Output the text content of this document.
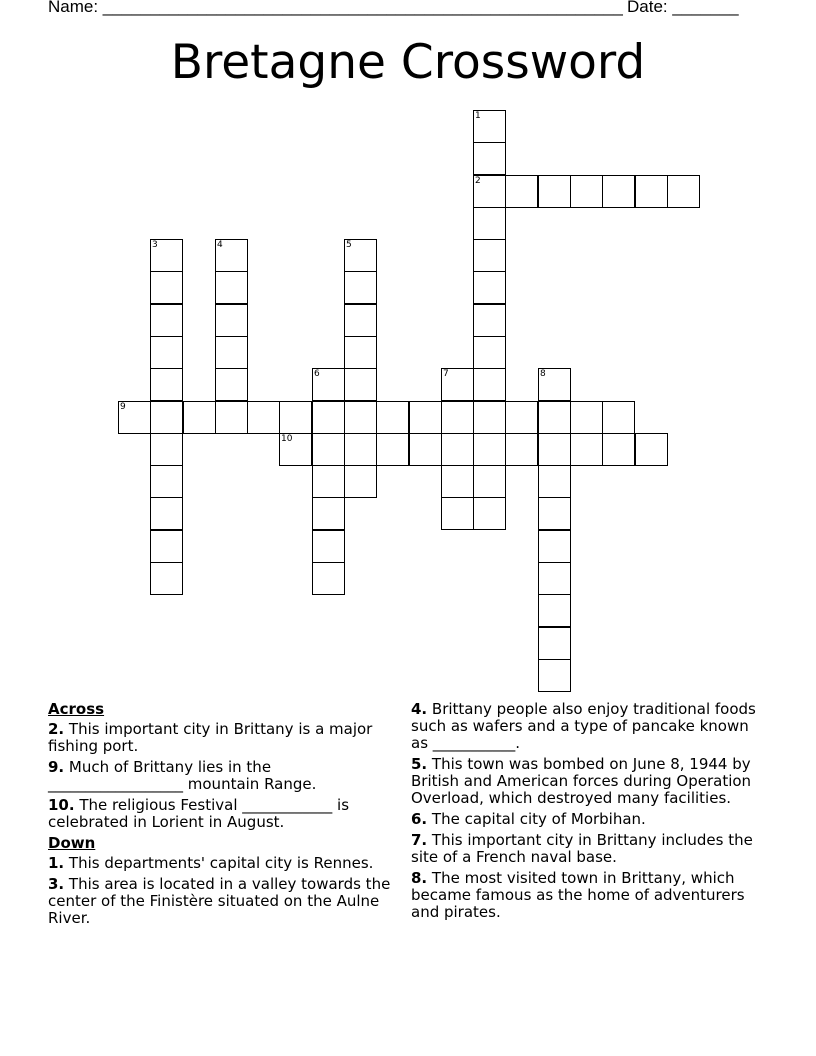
Name: _______________________________________________________ Date: _______
Bretagne Crossword
1
2
3	4	5
6	7	8
9
10
Across
2. This important city in Brittany is a major fishing port.
9. Much of Brittany lies in the __________________ mountain Range.
10. The religious Festival ____________ is celebrated in Lorient in August.
Down
1. This departments' capital city is Rennes.
3. This area is located in a valley towards the center of the Finistère situated on the Aulne River.
4. Brittany people also enjoy traditional foods such as wafers and a type of pancake known as ___________.
5. This town was bombed on June 8, 1944 by British and American forces during Operation Overload, which destroyed many facilities.
6. The capital city of Morbihan.
7. This important city in Brittany includes the site of a French naval base.
8. The most visited town in Brittany, which became famous as the home of adventurers and pirates.
